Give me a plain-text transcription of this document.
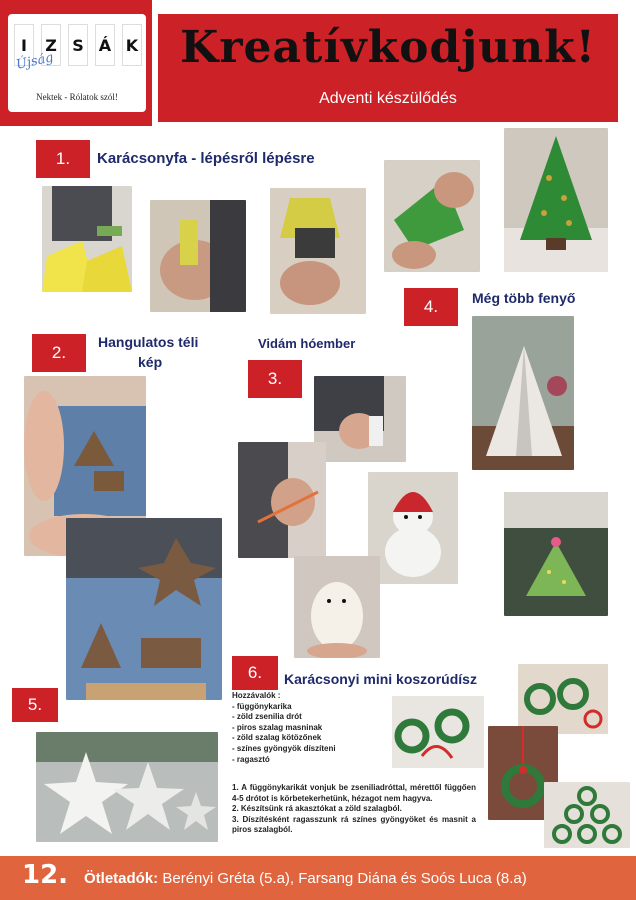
I	Z S Á K
Újság
Nektek - Rólatok szól!
Kreatívkodjunk!
Adventi készülődés
1.	Karácsonyfa - lépésről lépésre
4.	Még több fenyő
2.
Hangulatos téli
kép
Vidám hóember
3.
5.
6.	Karácsonyi mini koszorúdísz
Hozzávalók :
- függönykarika
- zöld zsenilia drót
- piros szalag masninak
- zöld szalag kötözőnek
- színes gyöngyök díszíteni
- ragasztó
1. A függönykarikát vonjuk be zseniliadróttal, mérettől függően 4-5 drótot is körbetekerhetünk, hézagot nem hagyva.
2. Készítsünk rá akasztókat a zöld szalagból.
3. Díszítésként ragasszunk rá színes gyöngyöket és masnit a piros szalagból.
12. Ötletadók: Berényi Gréta (5.a), Farsang Diána és Soós Luca (8.a)
